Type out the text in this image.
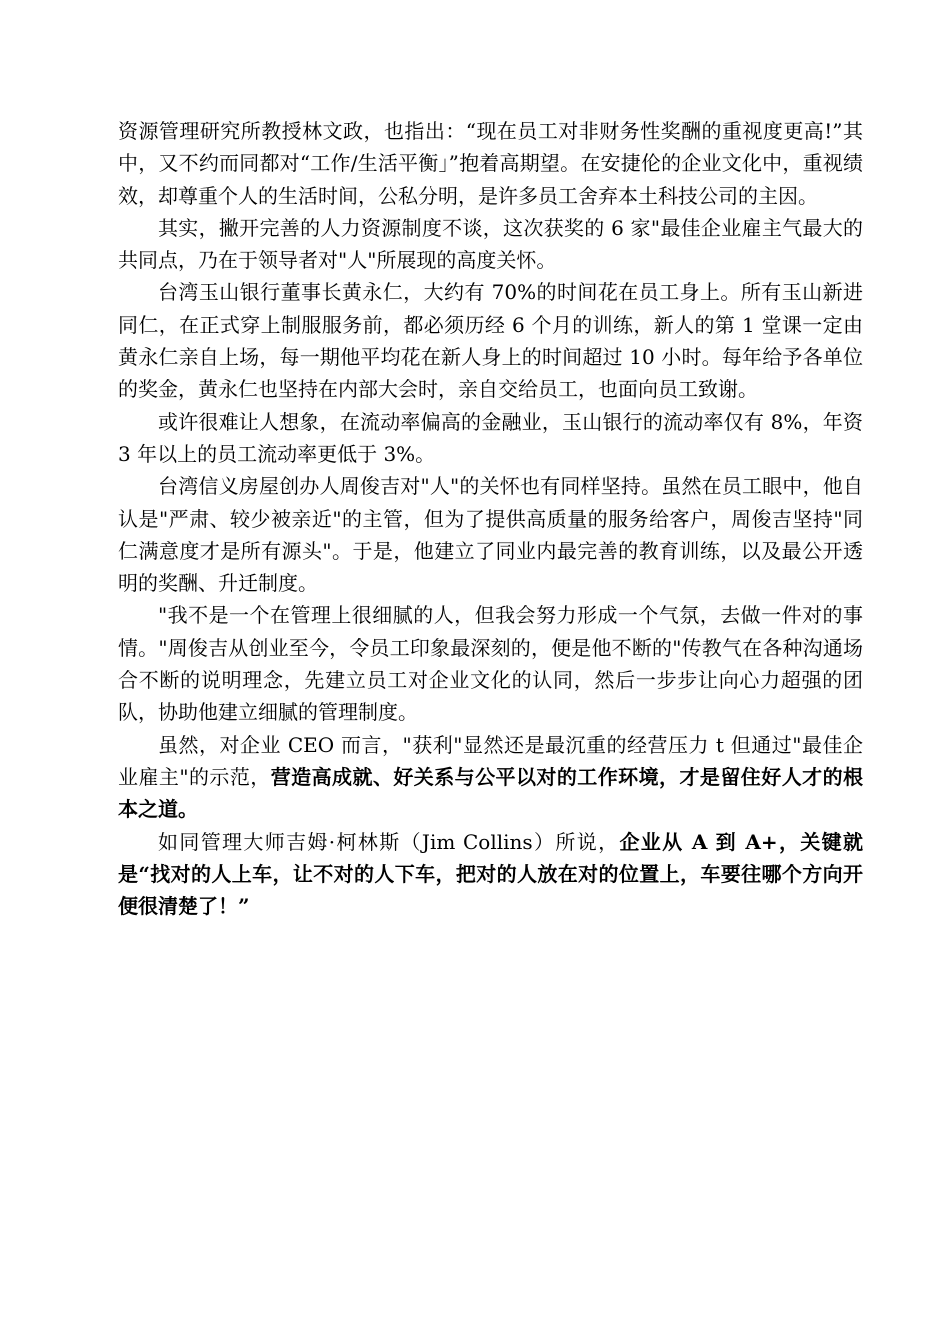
资源管理研究所教授林文政，也指出：“现在员工对非财务性奖酬的重视度更高!”其中，又不约而同都对“工作/生活平衡」”抱着高期望。在安捷伦的企业文化中，重视绩效，却尊重个人的生活时间，公私分明，是许多员工舍弃本土科技公司的主因。

其实，撇开完善的人力资源制度不谈，这次获奖的 6 家"最佳企业雇主气最大的共同点，乃在于领导者对"人"所展现的高度关怀。

台湾玉山银行董事长黄永仁，大约有 70%的时间花在员工身上。所有玉山新进同仁，在正式穿上制服服务前，都必须历经 6 个月的训练，新人的第 1 堂课一定由黄永仁亲自上场，每一期他平均花在新人身上的时间超过 10 小时。每年给予各单位的奖金，黄永仁也坚持在内部大会时，亲自交给员工，也面向员工致谢。

或许很难让人想象，在流动率偏高的金融业，玉山银行的流动率仅有 8%，年资 3 年以上的员工流动率更低于 3%。

台湾信义房屋创办人周俊吉对"人"的关怀也有同样坚持。虽然在员工眼中，他自认是"严肃、较少被亲近"的主管，但为了提供高质量的服务给客户，周俊吉坚持"同仁满意度才是所有源头"。于是，他建立了同业内最完善的教育训练，以及最公开透明的奖酬、升迁制度。

"我不是一个在管理上很细腻的人，但我会努力形成一个气氛，去做一件对的事情。"周俊吉从创业至今，令员工印象最深刻的，便是他不断的"传教气在各种沟通场合不断的说明理念，先建立员工对企业文化的认同，然后一步步让向心力超强的团队，协助他建立细腻的管理制度。

虽然，对企业 CEO 而言，"获利"显然还是最沉重的经营压力 t 但通过"最佳企业雇主"的示范，营造高成就、好关系与公平以对的工作环境，才是留住好人才的根本之道。

如同管理大师吉姆·柯林斯（Jim Collins）所说，企业从 A 到 A+，关键就是“找对的人上车，让不对的人下车，把对的人放在对的位置上，车要往哪个方向开便很清楚了！”
